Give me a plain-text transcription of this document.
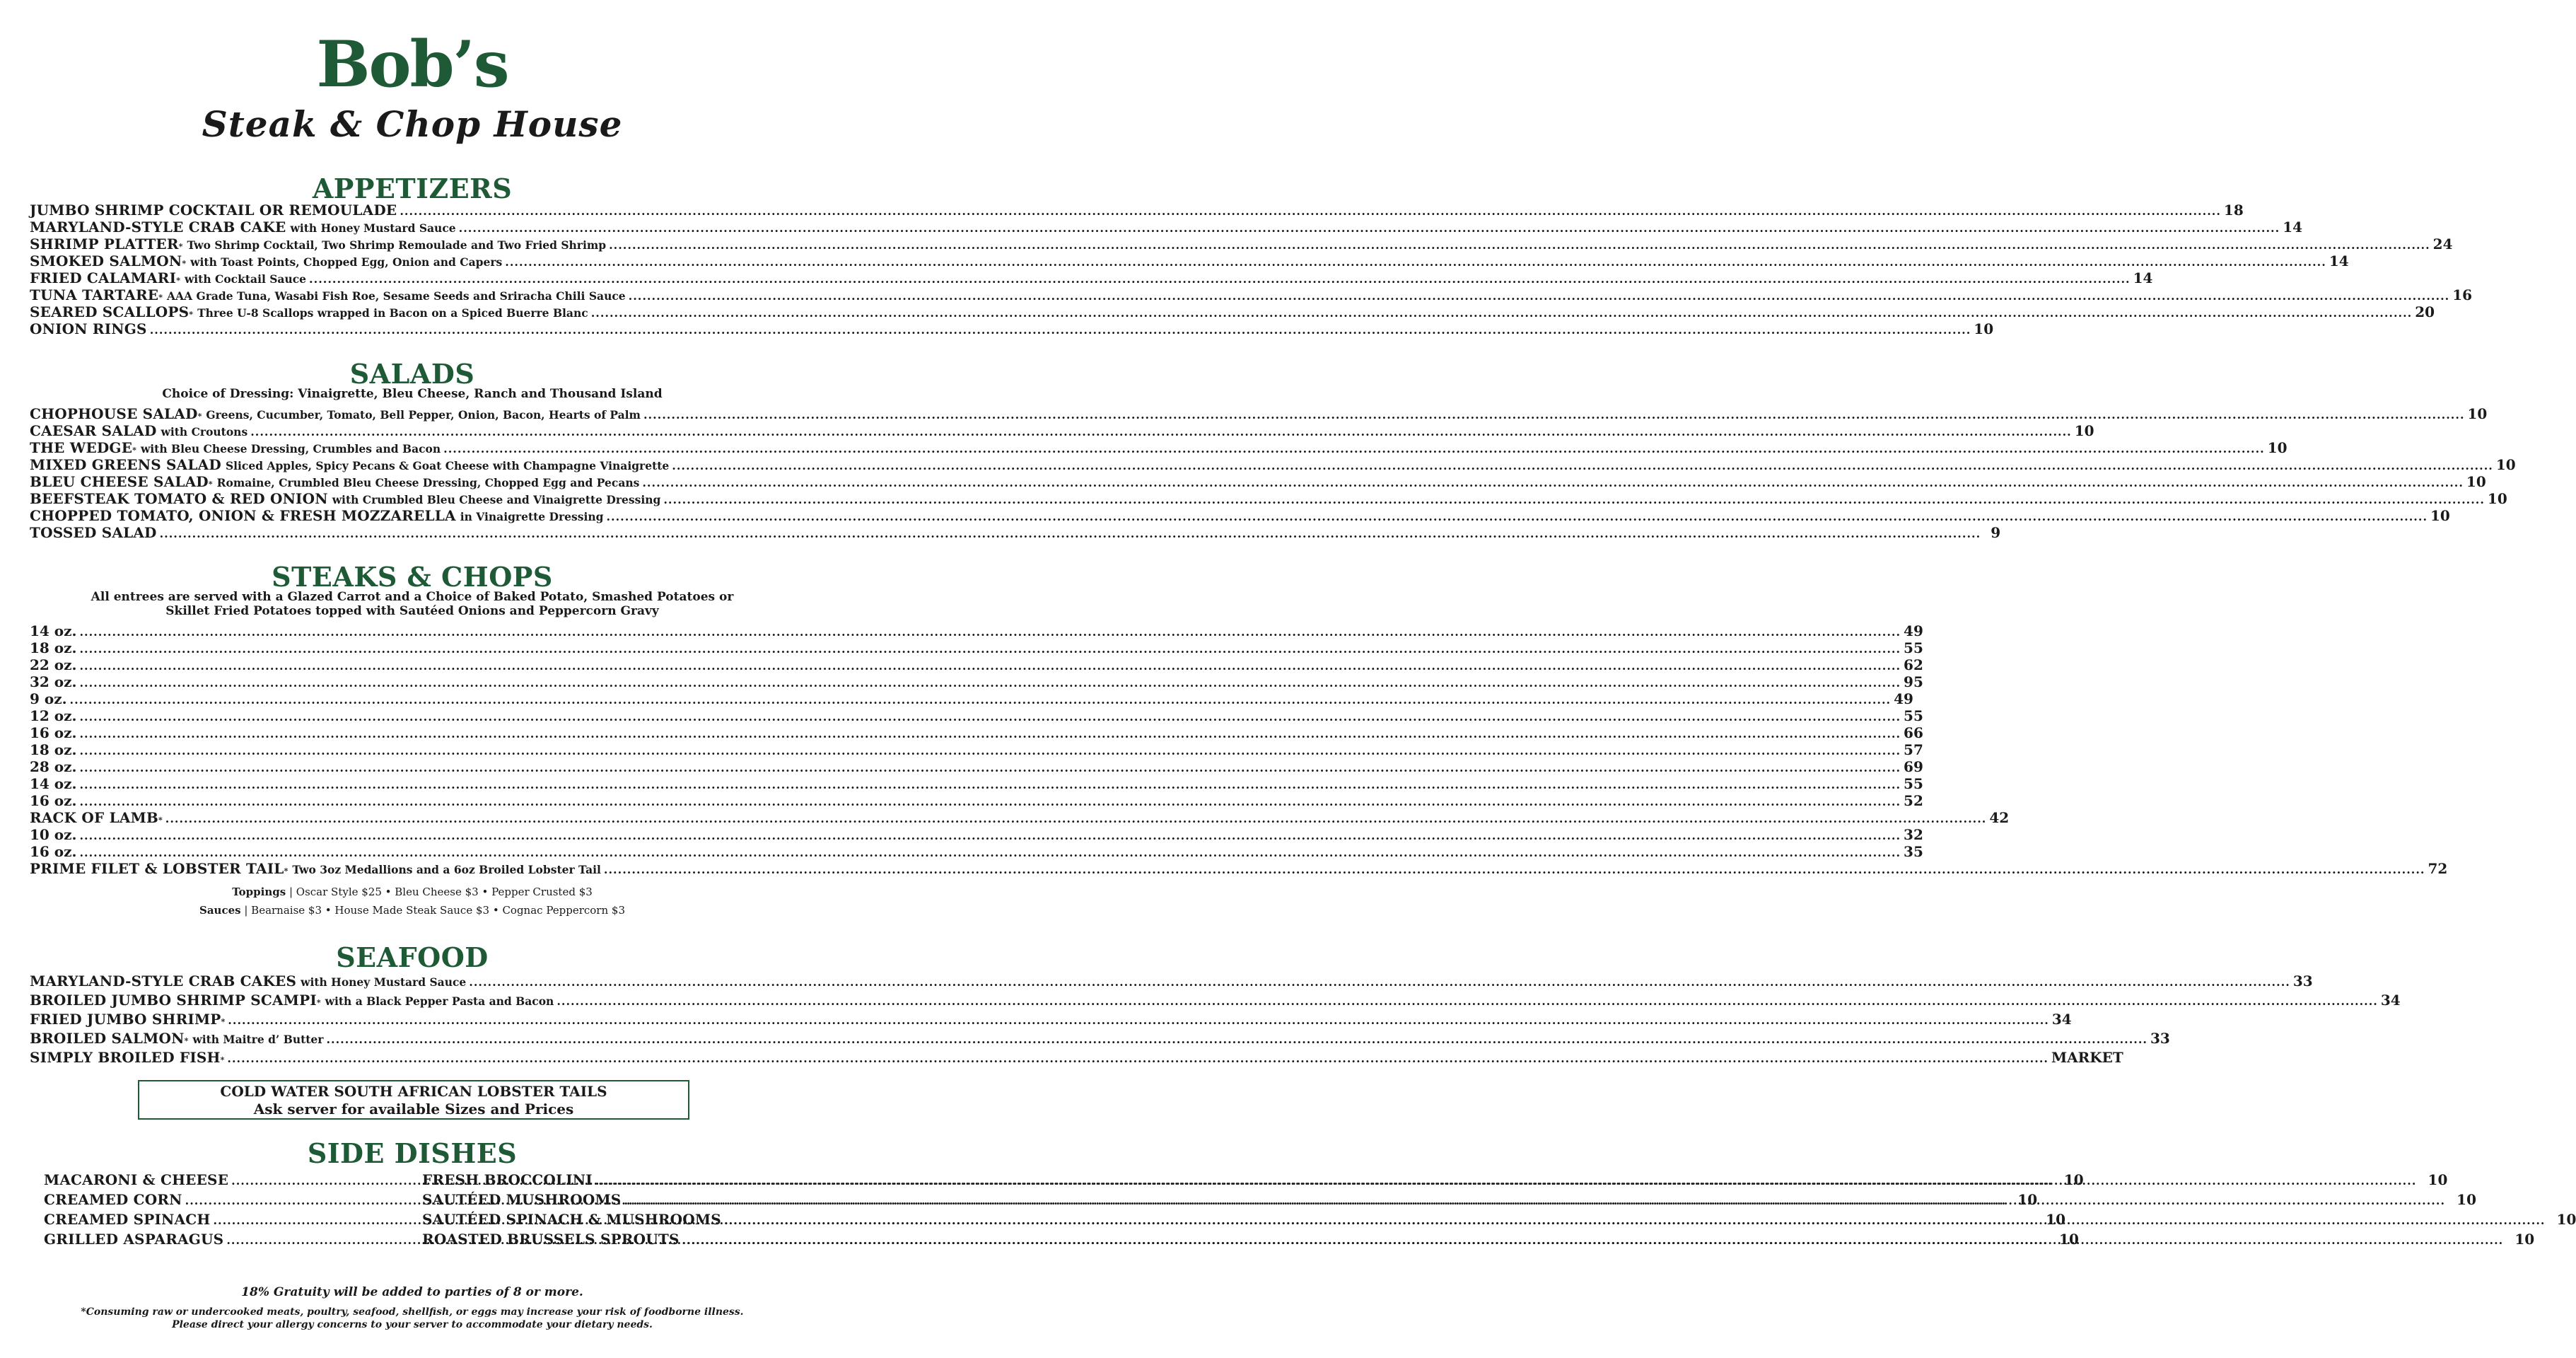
Bob’s
Steak & Chop House
APPETIZERS
JUMBO SHRIMP COCKTAIL OR REMOULADE .....	18
MARYLAND-STYLE CRAB CAKE with Honey Mustard Sauce .....	14
SHRIMP PLATTER * Two Shrimp Cocktail, Two Shrimp Remoulade and Two Fried Shrimp .....	24
SMOKED SALMON * with Toast Points, Chopped Egg, Onion and Capers .....	14
FRIED CALAMARI * with Cocktail Sauce .....	14
TUNA TARTARE * AAA Grade Tuna, Wasabi Fish Roe, Sesame Seeds and Sriracha Chili Sauce .....	16
SEARED SCALLOPS * Three U-8 Scallops wrapped in Bacon on a Spiced Buerre Blanc .....	20
ONION RINGS .....	10
SALADS
Choice of Dressing: Vinaigrette, Bleu Cheese, Ranch and Thousand Island
CHOPHOUSE SALAD * Greens, Cucumber, Tomato, Bell Pepper, Onion, Bacon, Hearts of Palm .....	10
CAESAR SALAD with Croutons .....	10
THE WEDGE * with Bleu Cheese Dressing, Crumbles and Bacon .....	10
MIXED GREENS SALAD Sliced Apples, Spicy Pecans & Goat Cheese with Champagne Vinaigrette .....	10
BLEU CHEESE SALAD * Romaine, Crumbled Bleu Cheese Dressing, Chopped Egg and Pecans .....	10
BEEFSTEAK TOMATO & RED ONION with Crumbled Bleu Cheese and Vinaigrette Dressing .....	10
CHOPPED TOMATO, ONION & FRESH MOZZARELLA in Vinaigrette Dressing .....	10
TOSSED SALAD .....	9
STEAKS & CHOPS
All entrees are served with a Glazed Carrot and a Choice of Baked Potato, Smashed Potatoes or
Skillet Fried Potatoes topped with Sautéed Onions and Peppercorn Gravy
14 oz. .....	49
18 oz. .....	55
22 oz. .....	62
32 oz. .....	95
9 oz. .....	49
12 oz. .....	55
16 oz. .....	66
18 oz. .....	57
28 oz. .....	69
14 oz. .....	55
16 oz. .....	52
RACK OF LAMB * .....	42
10 oz. .....	32
16 oz. .....	35
PRIME FILET & LOBSTER TAIL * Two 3oz Medallions and a 6oz Broiled Lobster Tail .....	72
Toppings | Oscar Style $25 • Bleu Cheese $3 • Pepper Crusted $3
Sauces | Bearnaise $3 • House Made Steak Sauce $3 • Cognac Peppercorn $3
SEAFOOD
MARYLAND-STYLE CRAB CAKES with Honey Mustard Sauce .....	33
BROILED JUMBO SHRIMP SCAMPI * with a Black Pepper Pasta and Bacon .....	34
FRIED JUMBO SHRIMP * .....	34
BROILED SALMON * with Maitre d’ Butter .....	33
SIMPLY BROILED FISH * .....	MARKET
COLD WATER SOUTH AFRICAN LOBSTER TAILS
Ask server for available Sizes and Prices
SIDE DISHES
MACARONI & CHEESE .....	10
CREAMED CORN .....	10
CREAMED SPINACH .....	10
GRILLED ASPARAGUS .....	10
FRESH BROCCOLINI .....	10
SAUTÉED MUSHROOMS .....	10
SAUTÉED SPINACH & MUSHROOMS .....	10
ROASTED BRUSSELS SPROUTS .....	10
18% Gratuity will be added to parties of 8 or more.
*Consuming raw or undercooked meats, poultry, seafood, shellfish, or eggs may increase your risk of foodborne illness.
Please direct your allergy concerns to your server to accommodate your dietary needs.
